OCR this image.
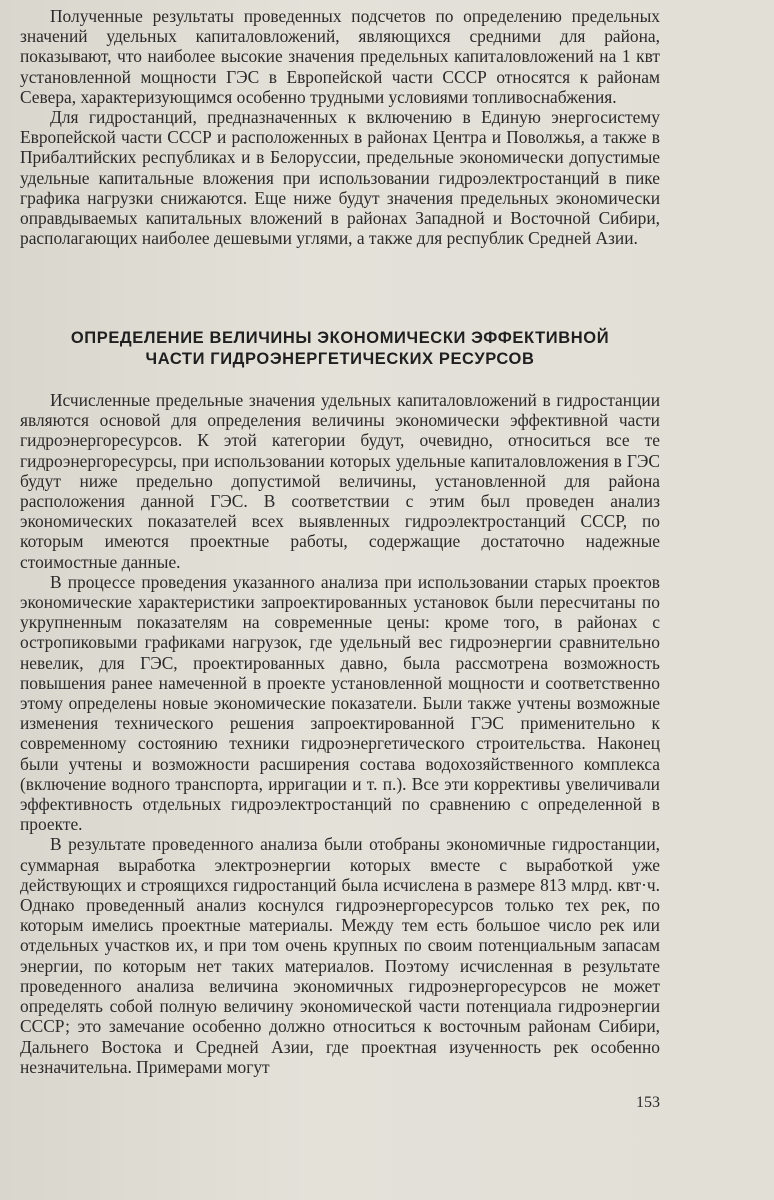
Полученные результаты проведенных подсчетов по определению предельных значений удельных капиталовложений, являющихся средними для района, показывают, что наиболее высокие значения предельных капиталовложений на 1 квт установленной мощности ГЭС в Европейской части СССР относятся к районам Севера, характеризующимся особенно трудными условиями топливоснабжения.

Для гидростанций, предназначенных к включению в Единую энергосистему Европейской части СССР и расположенных в районах Центра и Поволжья, а также в Прибалтийских республиках и в Белоруссии, предельные экономически допустимые удельные капитальные вложения при использовании гидроэлектростанций в пике графика нагрузки снижаются. Еще ниже будут значения предельных экономически оправдываемых капитальных вложений в районах Западной и Восточной Сибири, располагающих наиболее дешевыми углями, а также для республик Средней Азии.

ОПРЕДЕЛЕНИЕ ВЕЛИЧИНЫ ЭКОНОМИЧЕСКИ ЭФФЕКТИВНОЙ
ЧАСТИ ГИДРОЭНЕРГЕТИЧЕСКИХ РЕСУРСОВ

Исчисленные предельные значения удельных капиталовложений в гидростанции являются основой для определения величины экономически эффективной части гидроэнергоресурсов. К этой категории будут, очевидно, относиться все те гидроэнергоресурсы, при использовании которых удельные капиталовложения в ГЭС будут ниже предельно допустимой величины, установленной для района расположения данной ГЭС. В соответствии с этим был проведен анализ экономических показателей всех выявленных гидроэлектростанций СССР, по которым имеются проектные работы, содержащие достаточно надежные стоимостные данные.

В процессе проведения указанного анализа при использовании старых проектов экономические характеристики запроектированных установок были пересчитаны по укрупненным показателям на современные цены: кроме того, в районах с остропиковыми графиками нагрузок, где удельный вес гидроэнергии сравнительно невелик, для ГЭС, проектированных давно, была рассмотрена возможность повышения ранее намеченной в проекте установленной мощности и соответственно этому определены новые экономические показатели. Были также учтены возможные изменения технического решения запроектированной ГЭС применительно к современному состоянию техники гидроэнергетического строительства. Наконец были учтены и возможности расширения состава водохозяйственного комплекса (включение водного транспорта, ирригации и т. п.). Все эти коррективы увеличивали эффективность отдельных гидроэлектростанций по сравнению с определенной в проекте.

В результате проведенного анализа были отобраны экономичные гидростанции, суммарная выработка электроэнергии которых вместе с выработкой уже действующих и строящихся гидростанций была исчислена в размере 813 млрд. квт·ч. Однако проведенный анализ коснулся гидроэнергоресурсов только тех рек, по которым имелись проектные материалы. Между тем есть большое число рек или отдельных участков их, и при том очень крупных по своим потенциальным запасам энергии, по которым нет таких материалов. Поэтому исчисленная в результате проведенного анализа величина экономичных гидроэнергоресурсов не может определять собой полную величину экономической части потенциала гидроэнергии СССР; это замечание особенно должно относиться к восточным районам Сибири, Дальнего Востока и Средней Азии, где проектная изученность рек особенно незначительна. Примерами могут

153
